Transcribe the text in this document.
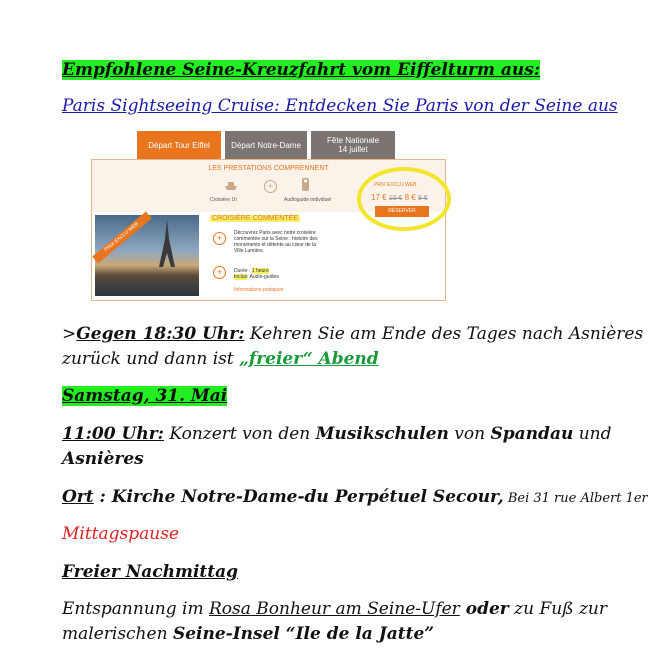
Empfohlene Seine-Kreuzfahrt vom Eiffelturm aus:
Paris Sightseeing Cruise: Entdecken Sie Paris von der Seine aus
Départ Tour Eiffel	Départ Notre-Dame	Fête Nationale 14 juillet
LES PRESTATIONS COMPRENNENT
+
Croisière 1h	Audioguide individuel
PRIX EXCLU WEB
CROISIÈRE COMMENTÉE
+	Découvrez Paris avec notre croisière commentée sur la Seine : histoire des monuments et détente au cœur de la Ville Lumière.
+	Durée : 1 heure
Inclus: Audio-guides
Informations pratiques
PRIX EXCLU WEB
17 € 19 € 8 € 9 €
RÉSERVER
>Gegen 18:30 Uhr: Kehren Sie am Ende des Tages nach Asnières
zurück und dann ist „freier“ Abend
Samstag, 31. Mai
11:00 Uhr: Konzert von den Musikschulen von Spandau und
Asnières
Ort : Kirche Notre-Dame-du Perpétuel Secour, Bei 31 rue Albert 1er
Mittagspause
Freier Nachmittag
Entspannung im Rosa Bonheur am Seine-Ufer oder zu Fuß zur
malerischen Seine-Insel “Ile de la Jatte”
